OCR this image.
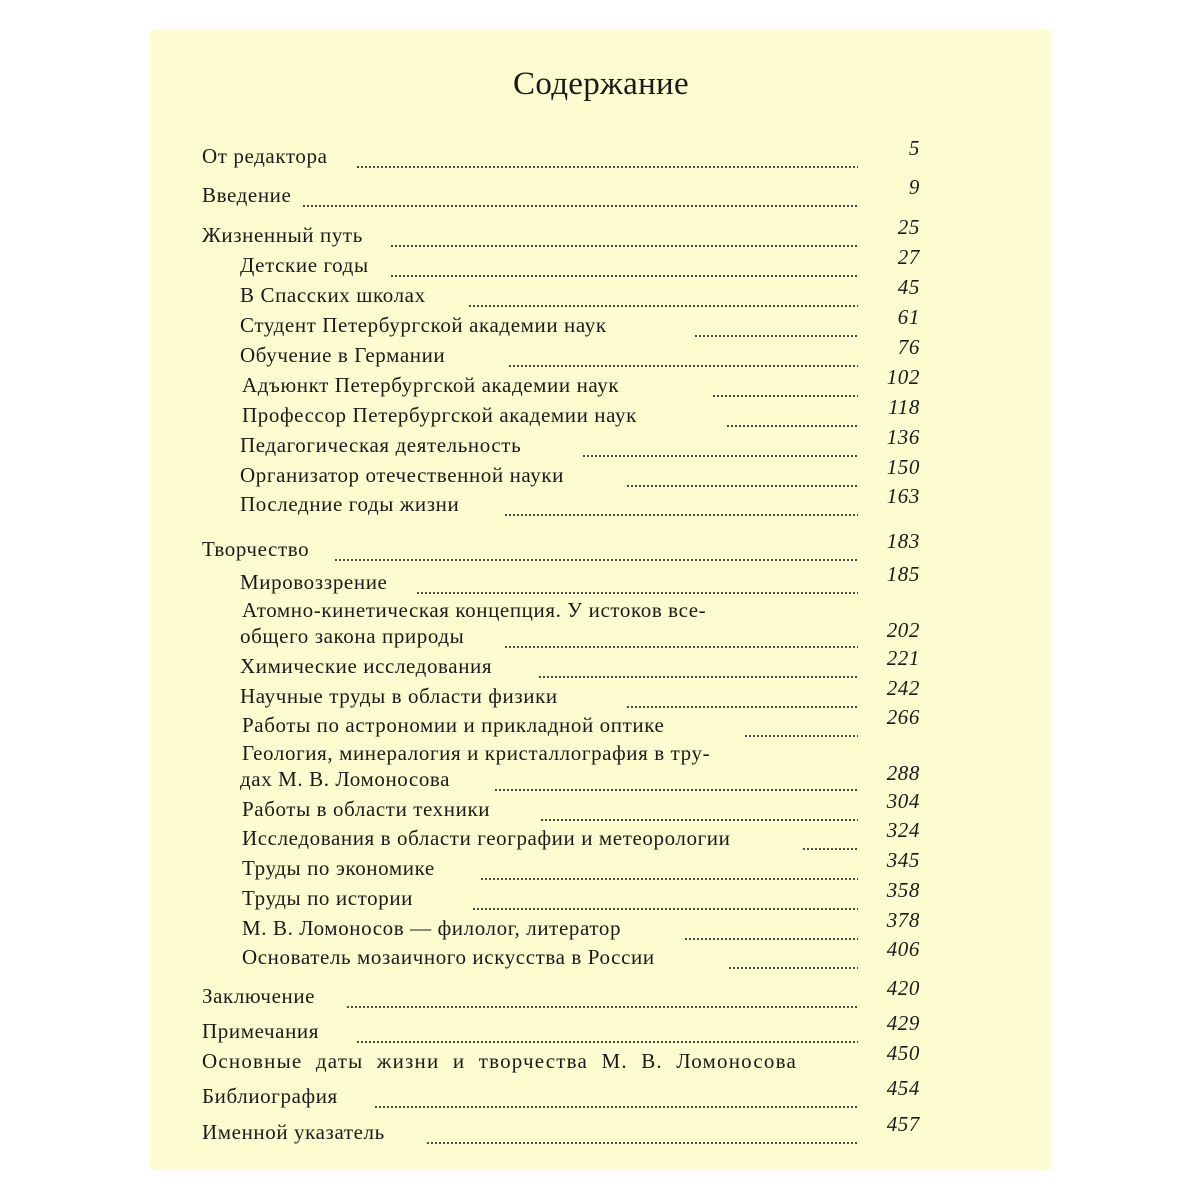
Содержание
От редактора	5
Введение	9
Жизненный путь	25
Детские годы	27
В Спасских школах	45
Студент Петербургской академии наук	61
Обучение в Германии	76
Адъюнкт Петербургской академии наук	102
Профессор Петербургской академии наук	118
Педагогическая деятельность	136
Организатор отечественной науки	150
Последние годы жизни	163
Творчество	183
Мировоззрение	185
Атомно-кинетическая концепция. У истоков все-
общего закона природы	202
Химические исследования	221
Научные труды в области физики	242
Работы по астрономии и прикладной оптике	266
Геология, минералогия и кристаллография в тру-
дах М. В. Ломоносова	288
Работы в области техники	304
Исследования в области географии и метеорологии	324
Труды по экономике	345
Труды по истории	358
М. В. Ломоносов — филолог, литератор	378
Основатель мозаичного искусства в России	406
Заключение	420
Примечания	429
Основные даты жизни и творчества М. В. Ломоносова	450
Библиография	454
Именной указатель	457
